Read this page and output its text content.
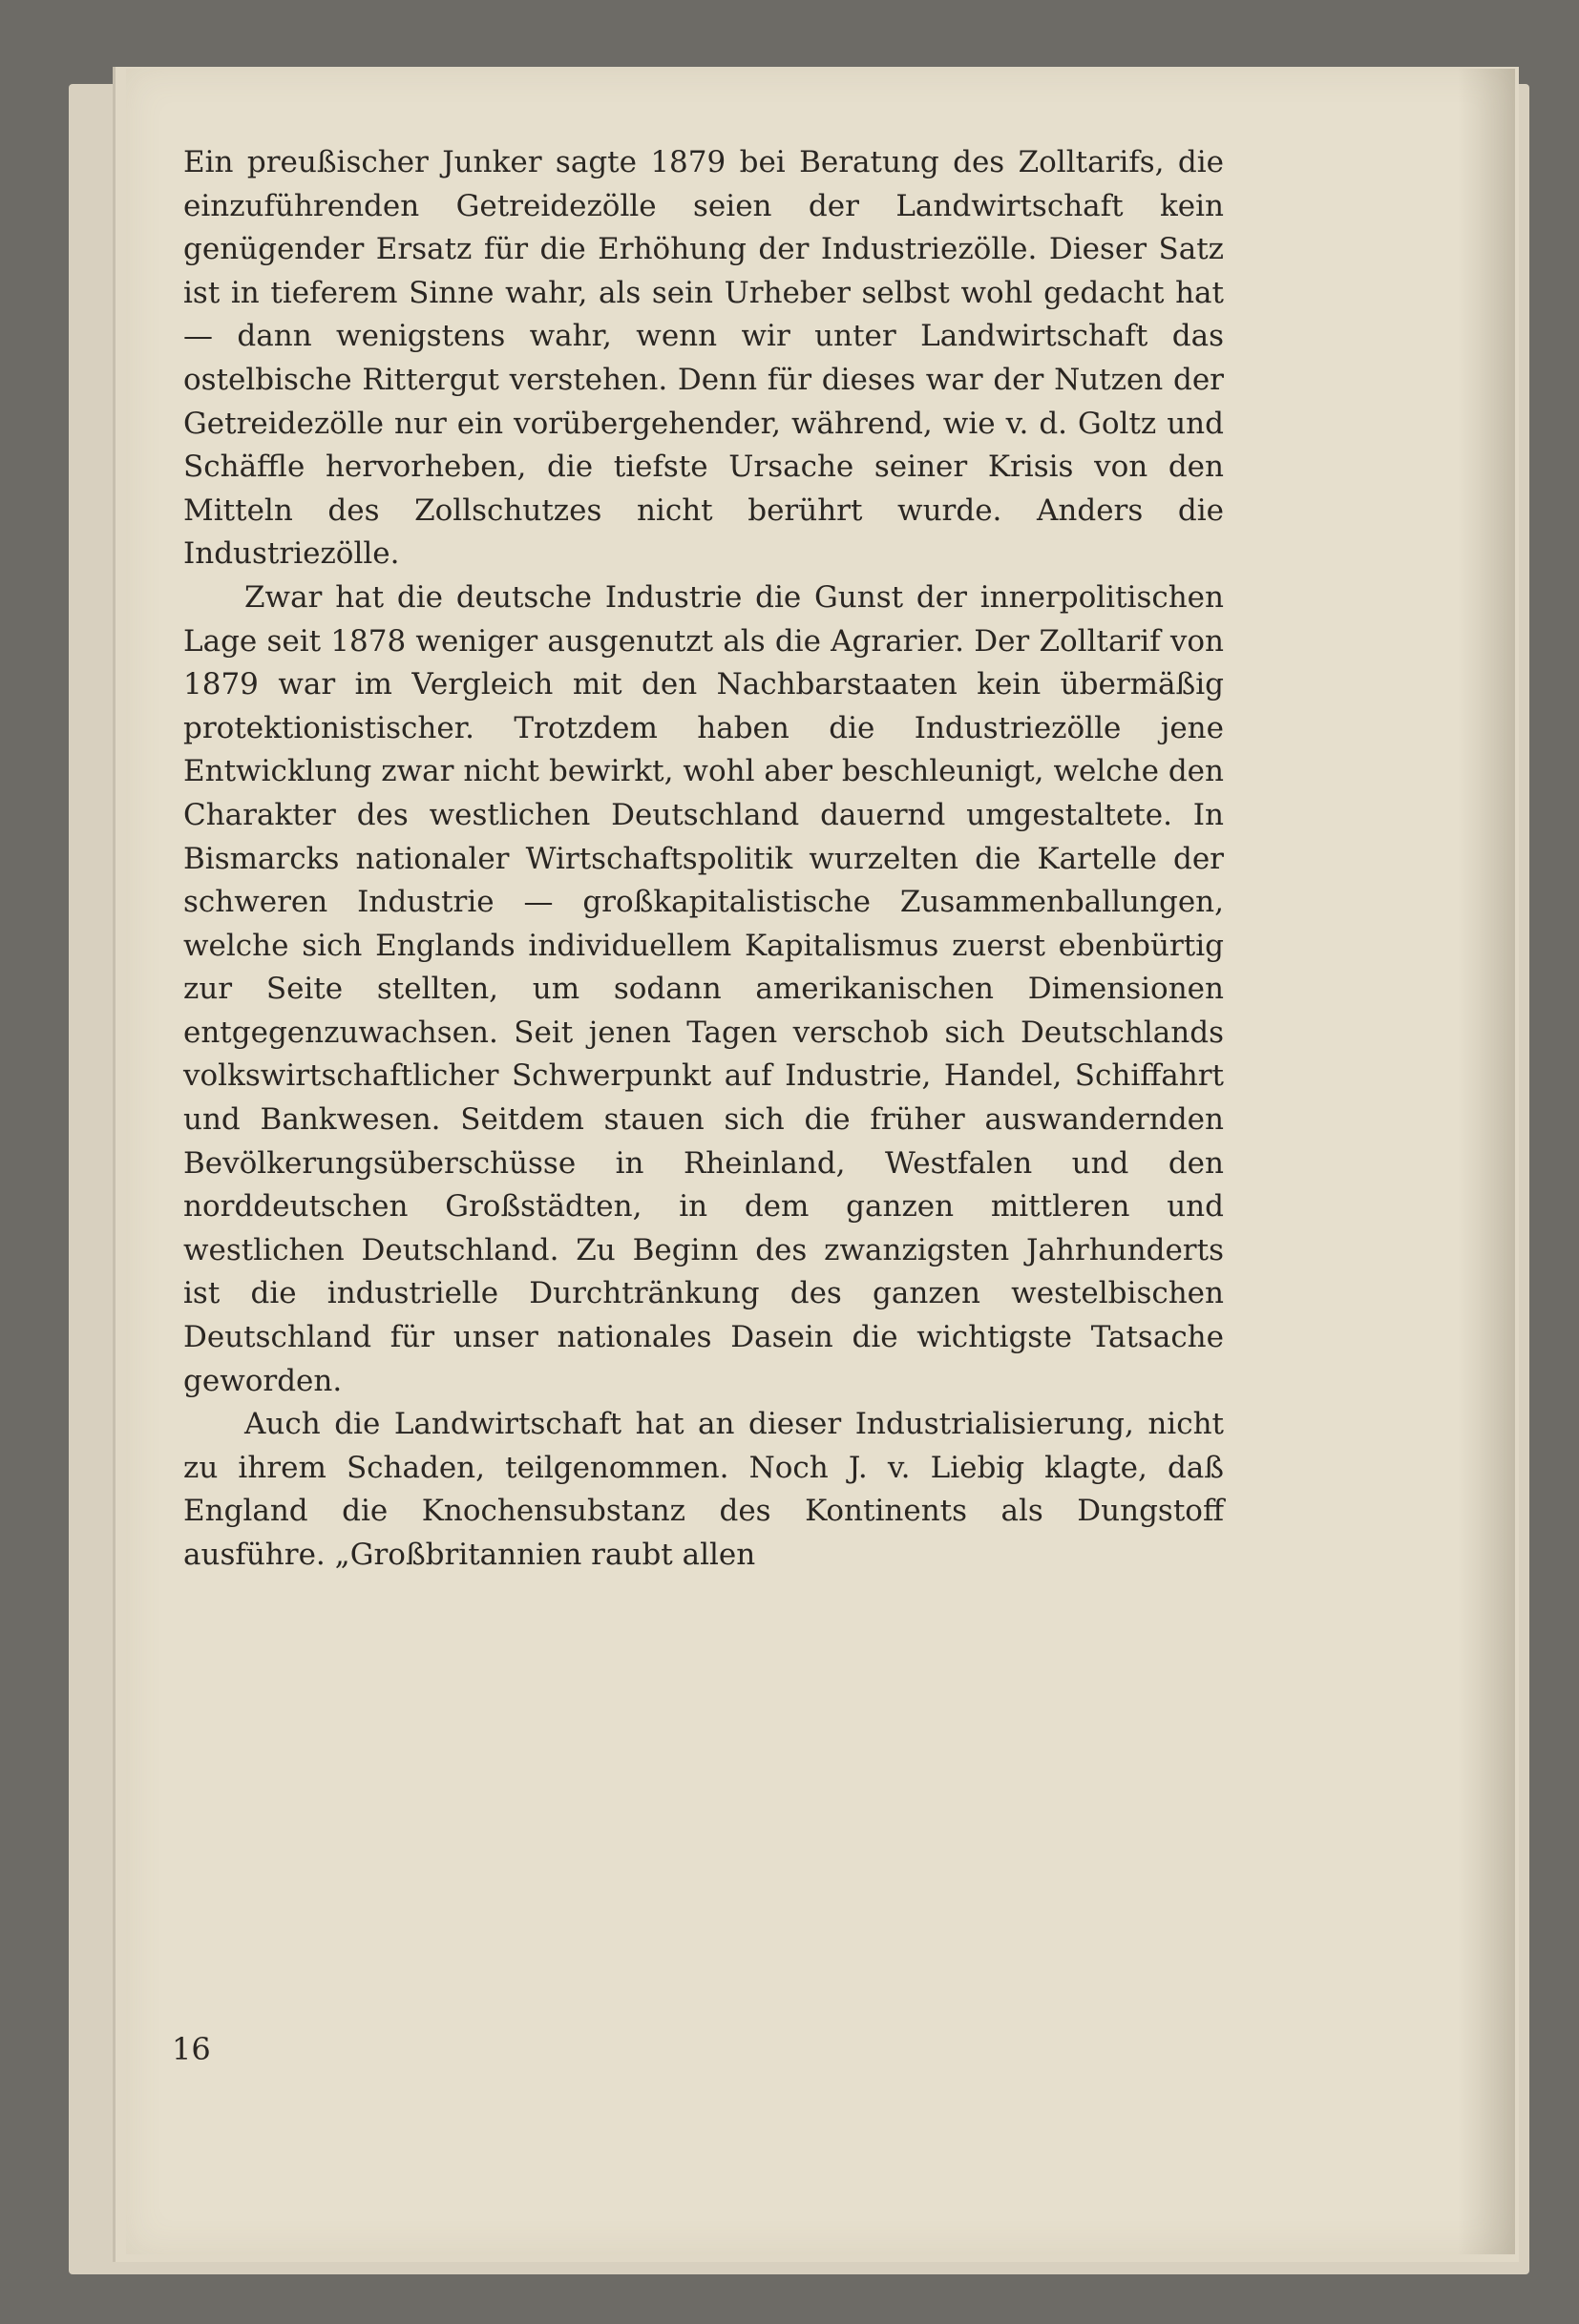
Ein preußischer Junker sagte 1879 bei Beratung des Zolltarifs, die einzuführenden Getreidezölle seien der Landwirtschaft kein genügender Ersatz für die Erhöhung der Industriezölle. Dieser Satz ist in tieferem Sinne wahr, als sein Urheber selbst wohl gedacht hat — dann wenigstens wahr, wenn wir unter Landwirtschaft das ostelbische Rittergut verstehen. Denn für dieses war der Nutzen der Getreidezölle nur ein vorübergehender, während, wie v. d. Goltz und Schäffle hervorheben, die tiefste Ursache seiner Krisis von den Mitteln des Zollschutzes nicht berührt wurde. Anders die Industriezölle.

Zwar hat die deutsche Industrie die Gunst der innerpolitischen Lage seit 1878 weniger ausgenutzt als die Agrarier. Der Zolltarif von 1879 war im Vergleich mit den Nachbarstaaten kein übermäßig protektionistischer. Trotzdem haben die Industriezölle jene Entwicklung zwar nicht bewirkt, wohl aber beschleunigt, welche den Charakter des westlichen Deutschland dauernd umgestaltete. In Bismarcks nationaler Wirtschaftspolitik wurzelten die Kartelle der schweren Industrie — großkapitalistische Zusammenballungen, welche sich Englands individuellem Kapitalismus zuerst ebenbürtig zur Seite stellten, um sodann amerikanischen Dimensionen entgegenzuwachsen. Seit jenen Tagen verschob sich Deutschlands volkswirtschaftlicher Schwerpunkt auf Industrie, Handel, Schiffahrt und Bankwesen. Seitdem stauen sich die früher auswandernden Bevölkerungsüberschüsse in Rheinland, Westfalen und den norddeutschen Großstädten, in dem ganzen mittleren und westlichen Deutschland. Zu Beginn des zwanzigsten Jahrhunderts ist die industrielle Durchtränkung des ganzen westelbischen Deutschland für unser nationales Dasein die wichtigste Tatsache geworden.

Auch die Landwirtschaft hat an dieser Industrialisierung, nicht zu ihrem Schaden, teilgenommen. Noch J. v. Liebig klagte, daß England die Knochensubstanz des Kontinents als Dungstoff ausführe. „Großbritannien raubt allen

16
